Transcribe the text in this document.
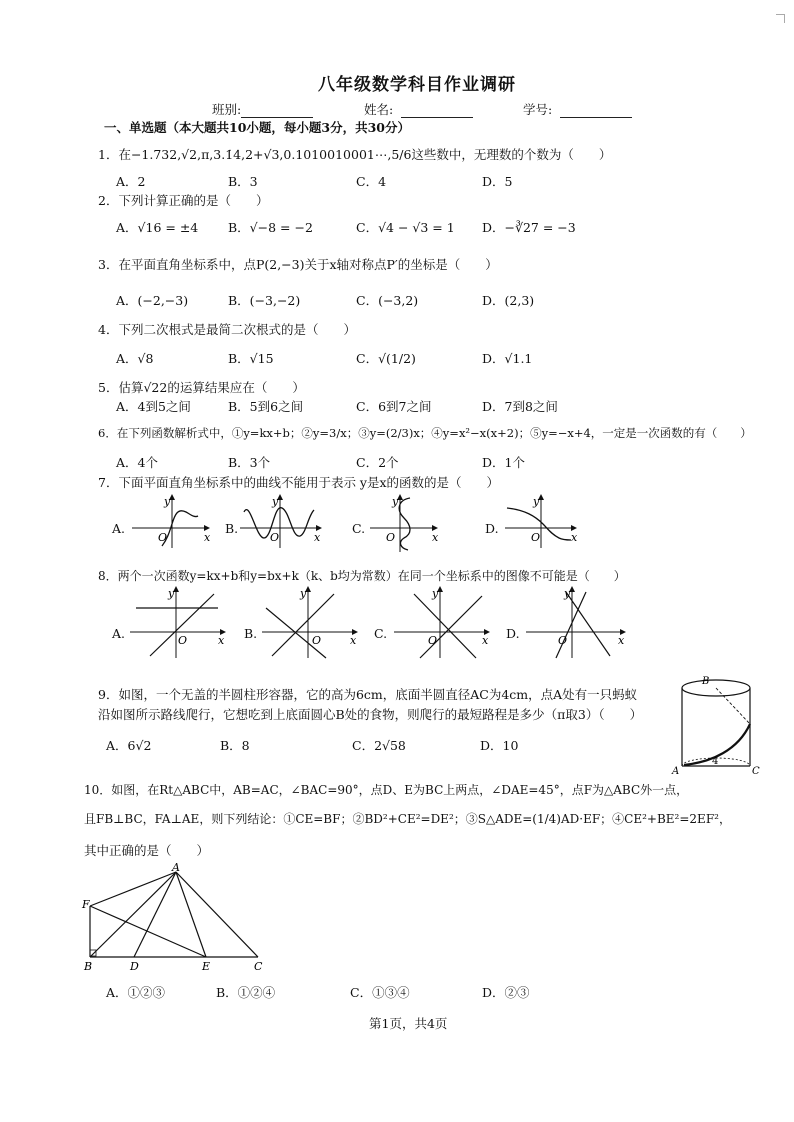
八年级数学科目作业调研
班别:	姓名:	学号:
一、单选题（本大题共10小题，每小题3分，共30分）
1．在−1.732,√2,π,3.1̇4̇,2+√3,0.1010010001⋯,5/6这些数中，无理数的个数为（　　）
A．2	B．3	C．4	D．5
2．下列计算正确的是（　　）
A．√16 = ±4 B．√−8 = −2	C．√4 − √3 = 1 D．−∛27 = −3
3．在平面直角坐标系中，点P(2,−3)关于x轴对称点P′的坐标是（　　）
A．(−2,−3)	B．(−3,−2)	C．(−3,2)	D．(2,3)
4．下列二次根式是最简二次根式的是（　　）
A．√8	B．√15	C．√(1/2)	D．√1.1
5．估算√22的运算结果应在（　　）
A．4到5之间	B．5到6之间	C．6到7之间	D．7到8之间
6．在下列函数解析式中，①y=kx+b；②y=3/x；③y=(2/3)x；④y=x²−x(x+2)；⑤y=−x+4，一定是一次函数的有（　　）
A．4个	B．3个	C．2个	D．1个
7．下面平面直角坐标系中的曲线不能用于表示 y是x的函数的是（　　）
A.	B.	C.	D.
y
x
O
y
x
O
y
x
O
y
x
O
8．两个一次函数y=kx+b和y=bx+k（k、b均为常数）在同一个坐标系中的图像不可能是（　　）
A.	B.	C.	D.
y
x
O
y
x
O
y
x
O
y
x
O
9．如图，一个无盖的半圆柱形容器，它的高为6cm，底面半圆直径AC为4cm，点A处有一只蚂蚁
沿如图所示路线爬行，它想吃到上底面圆心B处的食物，则爬行的最短路程是多少（π取3）（　　）
A．6√2	B．8	C．2√58	D．10
B
A	C
4
10．如图，在Rt△ABC中，AB=AC，∠BAC=90°，点D、E为BC上两点，∠DAE=45°，点F为△ABC外一点，
且FB⊥BC，FA⊥AE，则下列结论：①CE=BF；②BD²+CE²=DE²；③S△ADE=(1/4)AD·EF；④CE²+BE²=2EF²，
其中正确的是（　　）
A
F
B	D	E	C
A．①②③	B．①②④	C．①③④	D．②③
第1页，共4页
